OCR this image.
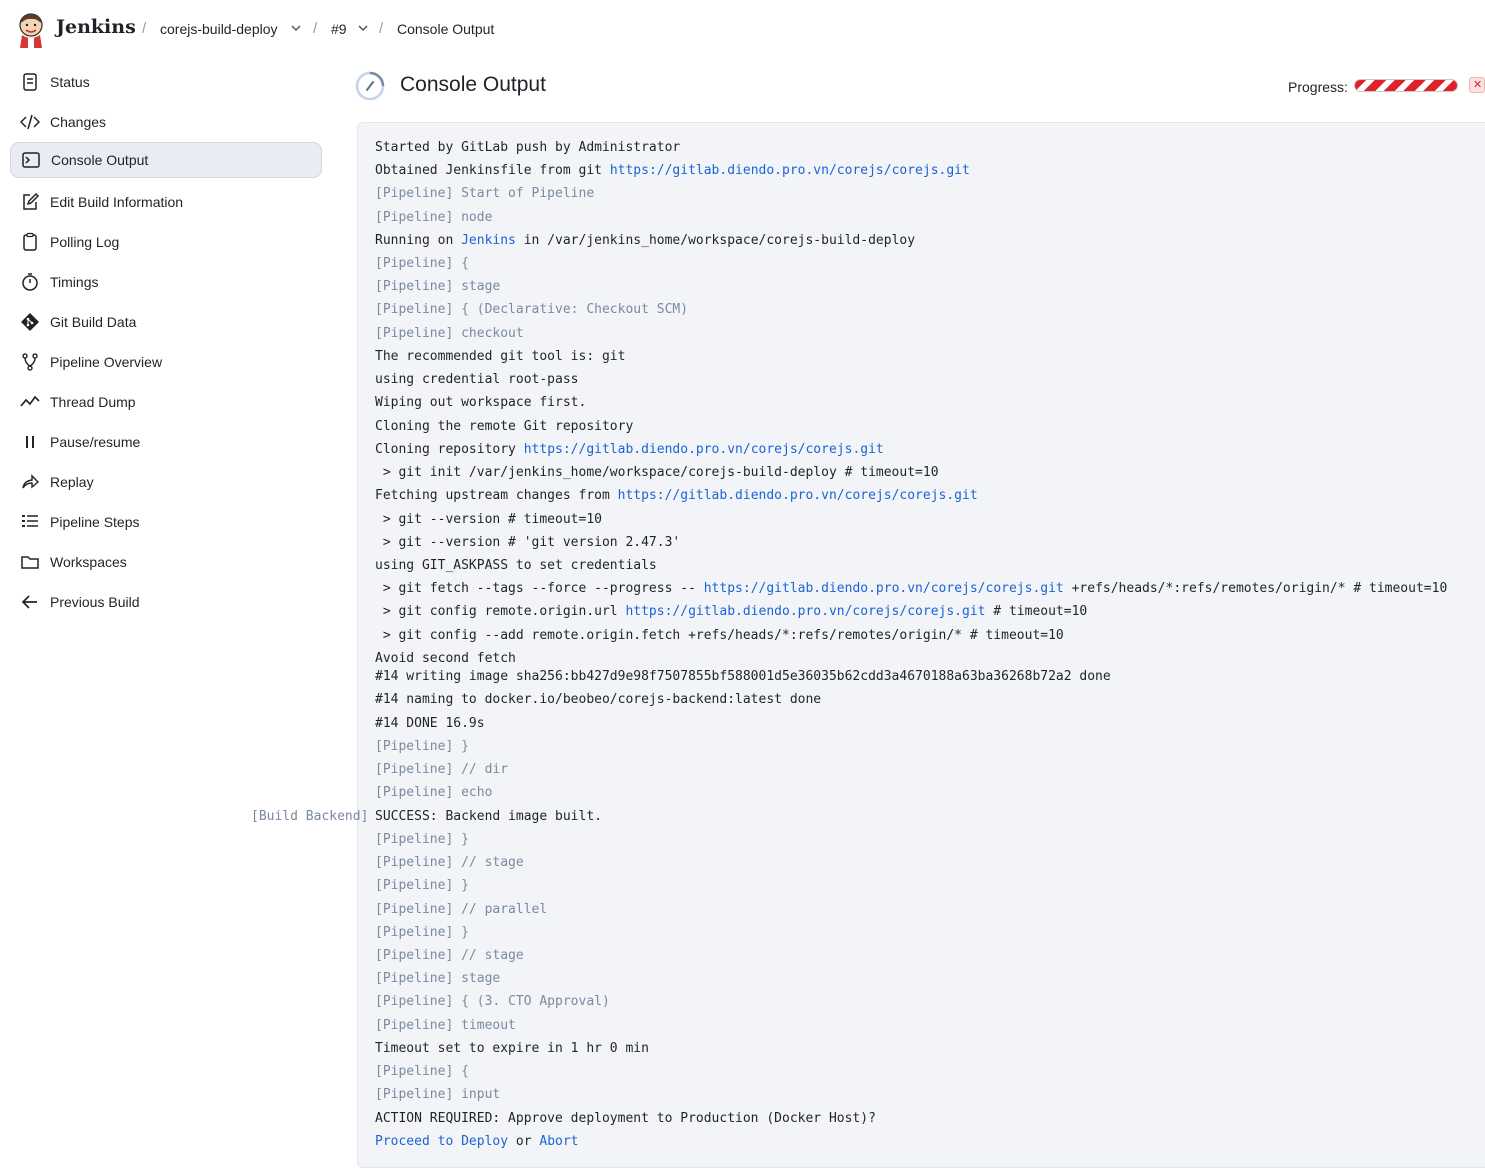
Jenkins / corejs-build-deploy / #9 / Console Output
Status
Changes
Console Output
Edit Build Information
Polling Log
Timings
Git Build Data
Pipeline Overview
Thread Dump
Pause/resume
Replay
Pipeline Steps
Workspaces
Previous Build
Console Output	Progress:	✕
Started by GitLab push by Administrator
Obtained Jenkinsfile from git https://gitlab.diendo.pro.vn/corejs/corejs.git
[Pipeline] Start of Pipeline
[Pipeline] node
Running on Jenkins in /var/jenkins_home/workspace/corejs-build-deploy
[Pipeline] {
[Pipeline] stage
[Pipeline] { (Declarative: Checkout SCM)
[Pipeline] checkout
The recommended git tool is: git
using credential root-pass
Wiping out workspace first.
Cloning the remote Git repository
Cloning repository https://gitlab.diendo.pro.vn/corejs/corejs.git
> git init /var/jenkins_home/workspace/corejs-build-deploy # timeout=10
Fetching upstream changes from https://gitlab.diendo.pro.vn/corejs/corejs.git
> git --version # timeout=10
> git --version # 'git version 2.47.3'
using GIT_ASKPASS to set credentials
> git fetch --tags --force --progress -- https://gitlab.diendo.pro.vn/corejs/corejs.git +refs/heads/*:refs/remotes/origin/* # timeout=10
> git config remote.origin.url https://gitlab.diendo.pro.vn/corejs/corejs.git # timeout=10
> git config --add remote.origin.fetch +refs/heads/*:refs/remotes/origin/* # timeout=10
Avoid second fetch
#14 writing image sha256:bb427d9e98f7507855bf588001d5e36035b62cdd3a4670188a63ba36268b72a2 done
#14 naming to docker.io/beobeo/corejs-backend:latest done
#14 DONE 16.9s
[Pipeline] }
[Pipeline] // dir
[Pipeline] echo
[Build Backend] SUCCESS: Backend image built.
[Pipeline] }
[Pipeline] // stage
[Pipeline] }
[Pipeline] // parallel
[Pipeline] }
[Pipeline] // stage
[Pipeline] stage
[Pipeline] { (3. CTO Approval)
[Pipeline] timeout
Timeout set to expire in 1 hr 0 min
[Pipeline] {
[Pipeline] input
ACTION REQUIRED: Approve deployment to Production (Docker Host)?
Proceed to Deploy or Abort
